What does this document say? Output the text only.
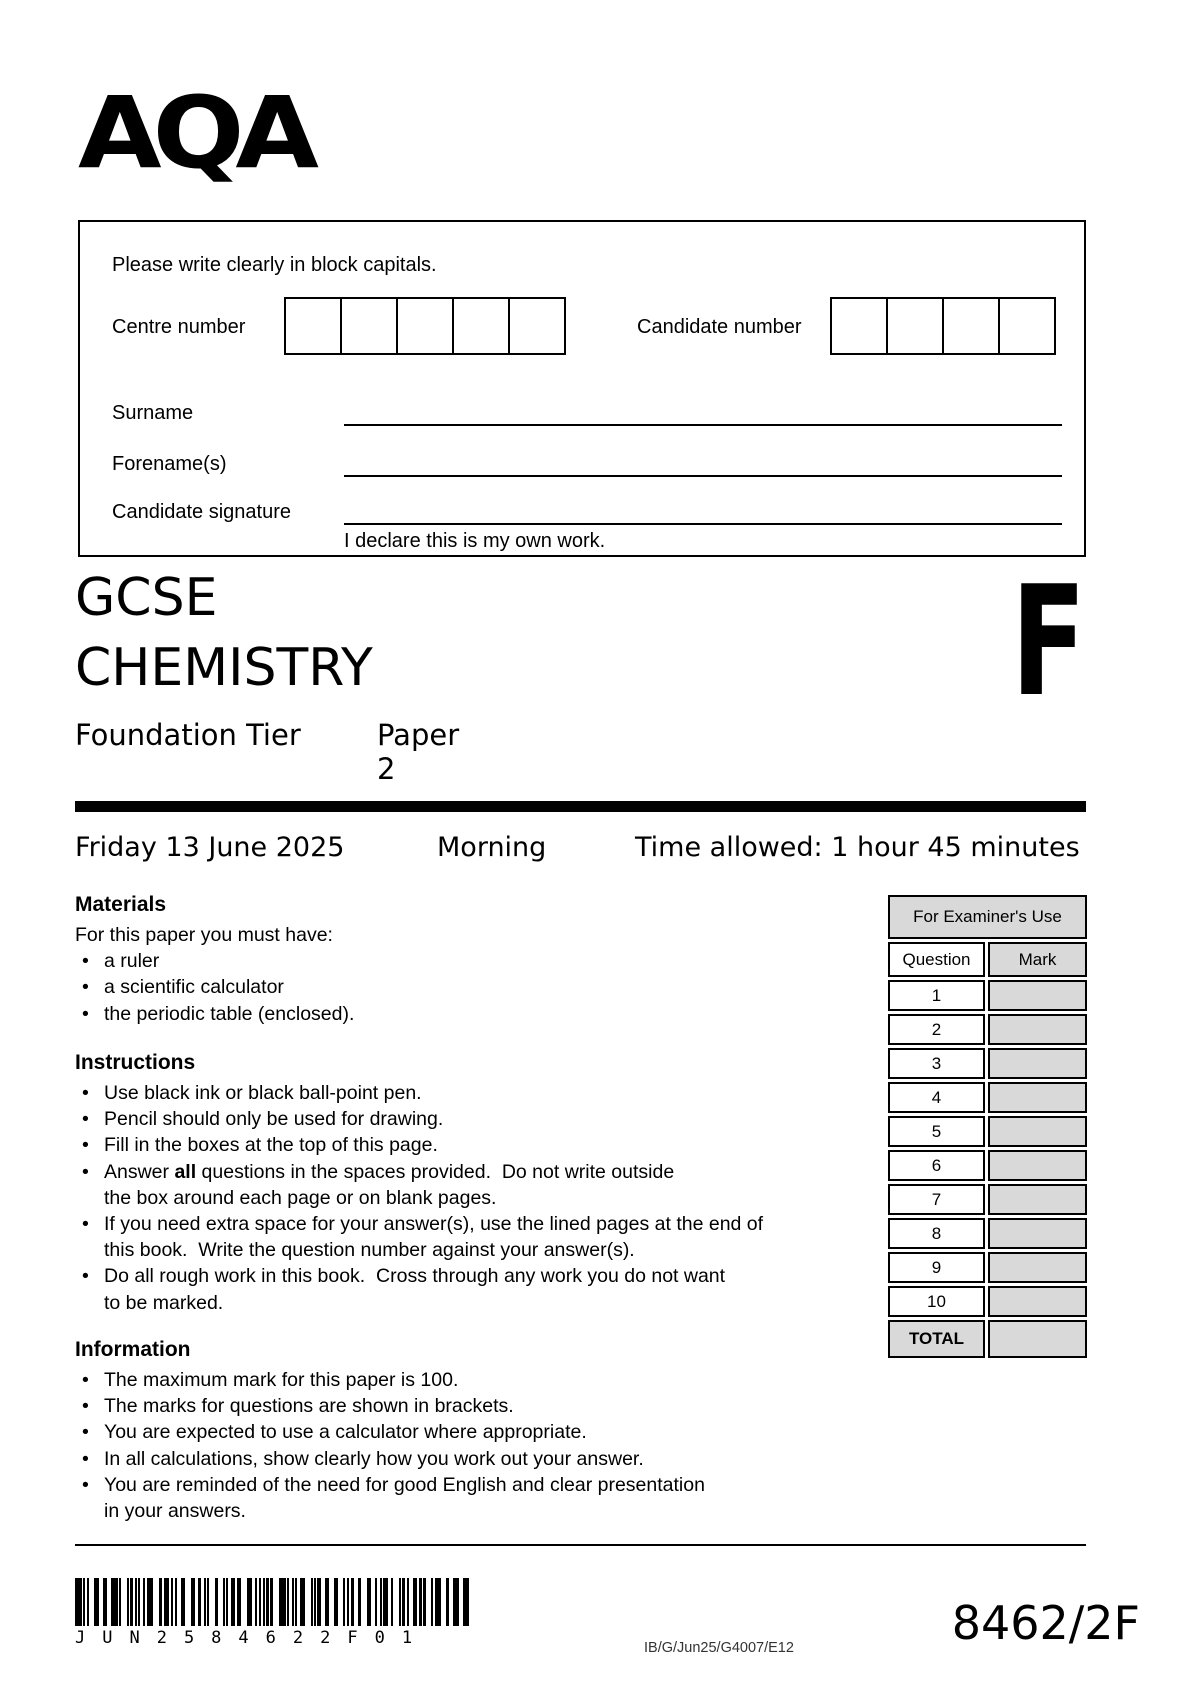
AQA
Please write clearly in block capitals.
Centre number	Candidate number
Surname
Forename(s)
Candidate signature
I declare this is my own work.
GCSE
CHEMISTRY	F
Foundation Tier	Paper 2
Friday 13 June 2025	Morning	Time allowed: 1 hour 45 minutes
Materials
For this paper you must have:
• a ruler
• a scientific calculator
• the periodic table (enclosed).
Instructions
• Use black ink or black ball-point pen.
• Pencil should only be used for drawing.
• Fill in the boxes at the top of this page.
• Answer all questions in the spaces provided.  Do not write outside
the box around each page or on blank pages.
• If you need extra space for your answer(s), use the lined pages at the end of
this book.  Write the question number against your answer(s).
• Do all rough work in this book.  Cross through any work you do not want
to be marked.
Information
• The maximum mark for this paper is 100.
• The marks for questions are shown in brackets.
• You are expected to use a calculator where appropriate.
• In all calculations, show clearly how you work out your answer.
• You are reminded of the need for good English and clear presentation
in your answers.
For Examiner's Use
Question	Mark
1
2
3
4
5
6
7
8
9
10
TOTAL
JUN2584622F01	IB/G/Jun25/G4007/E12	8462/2F
